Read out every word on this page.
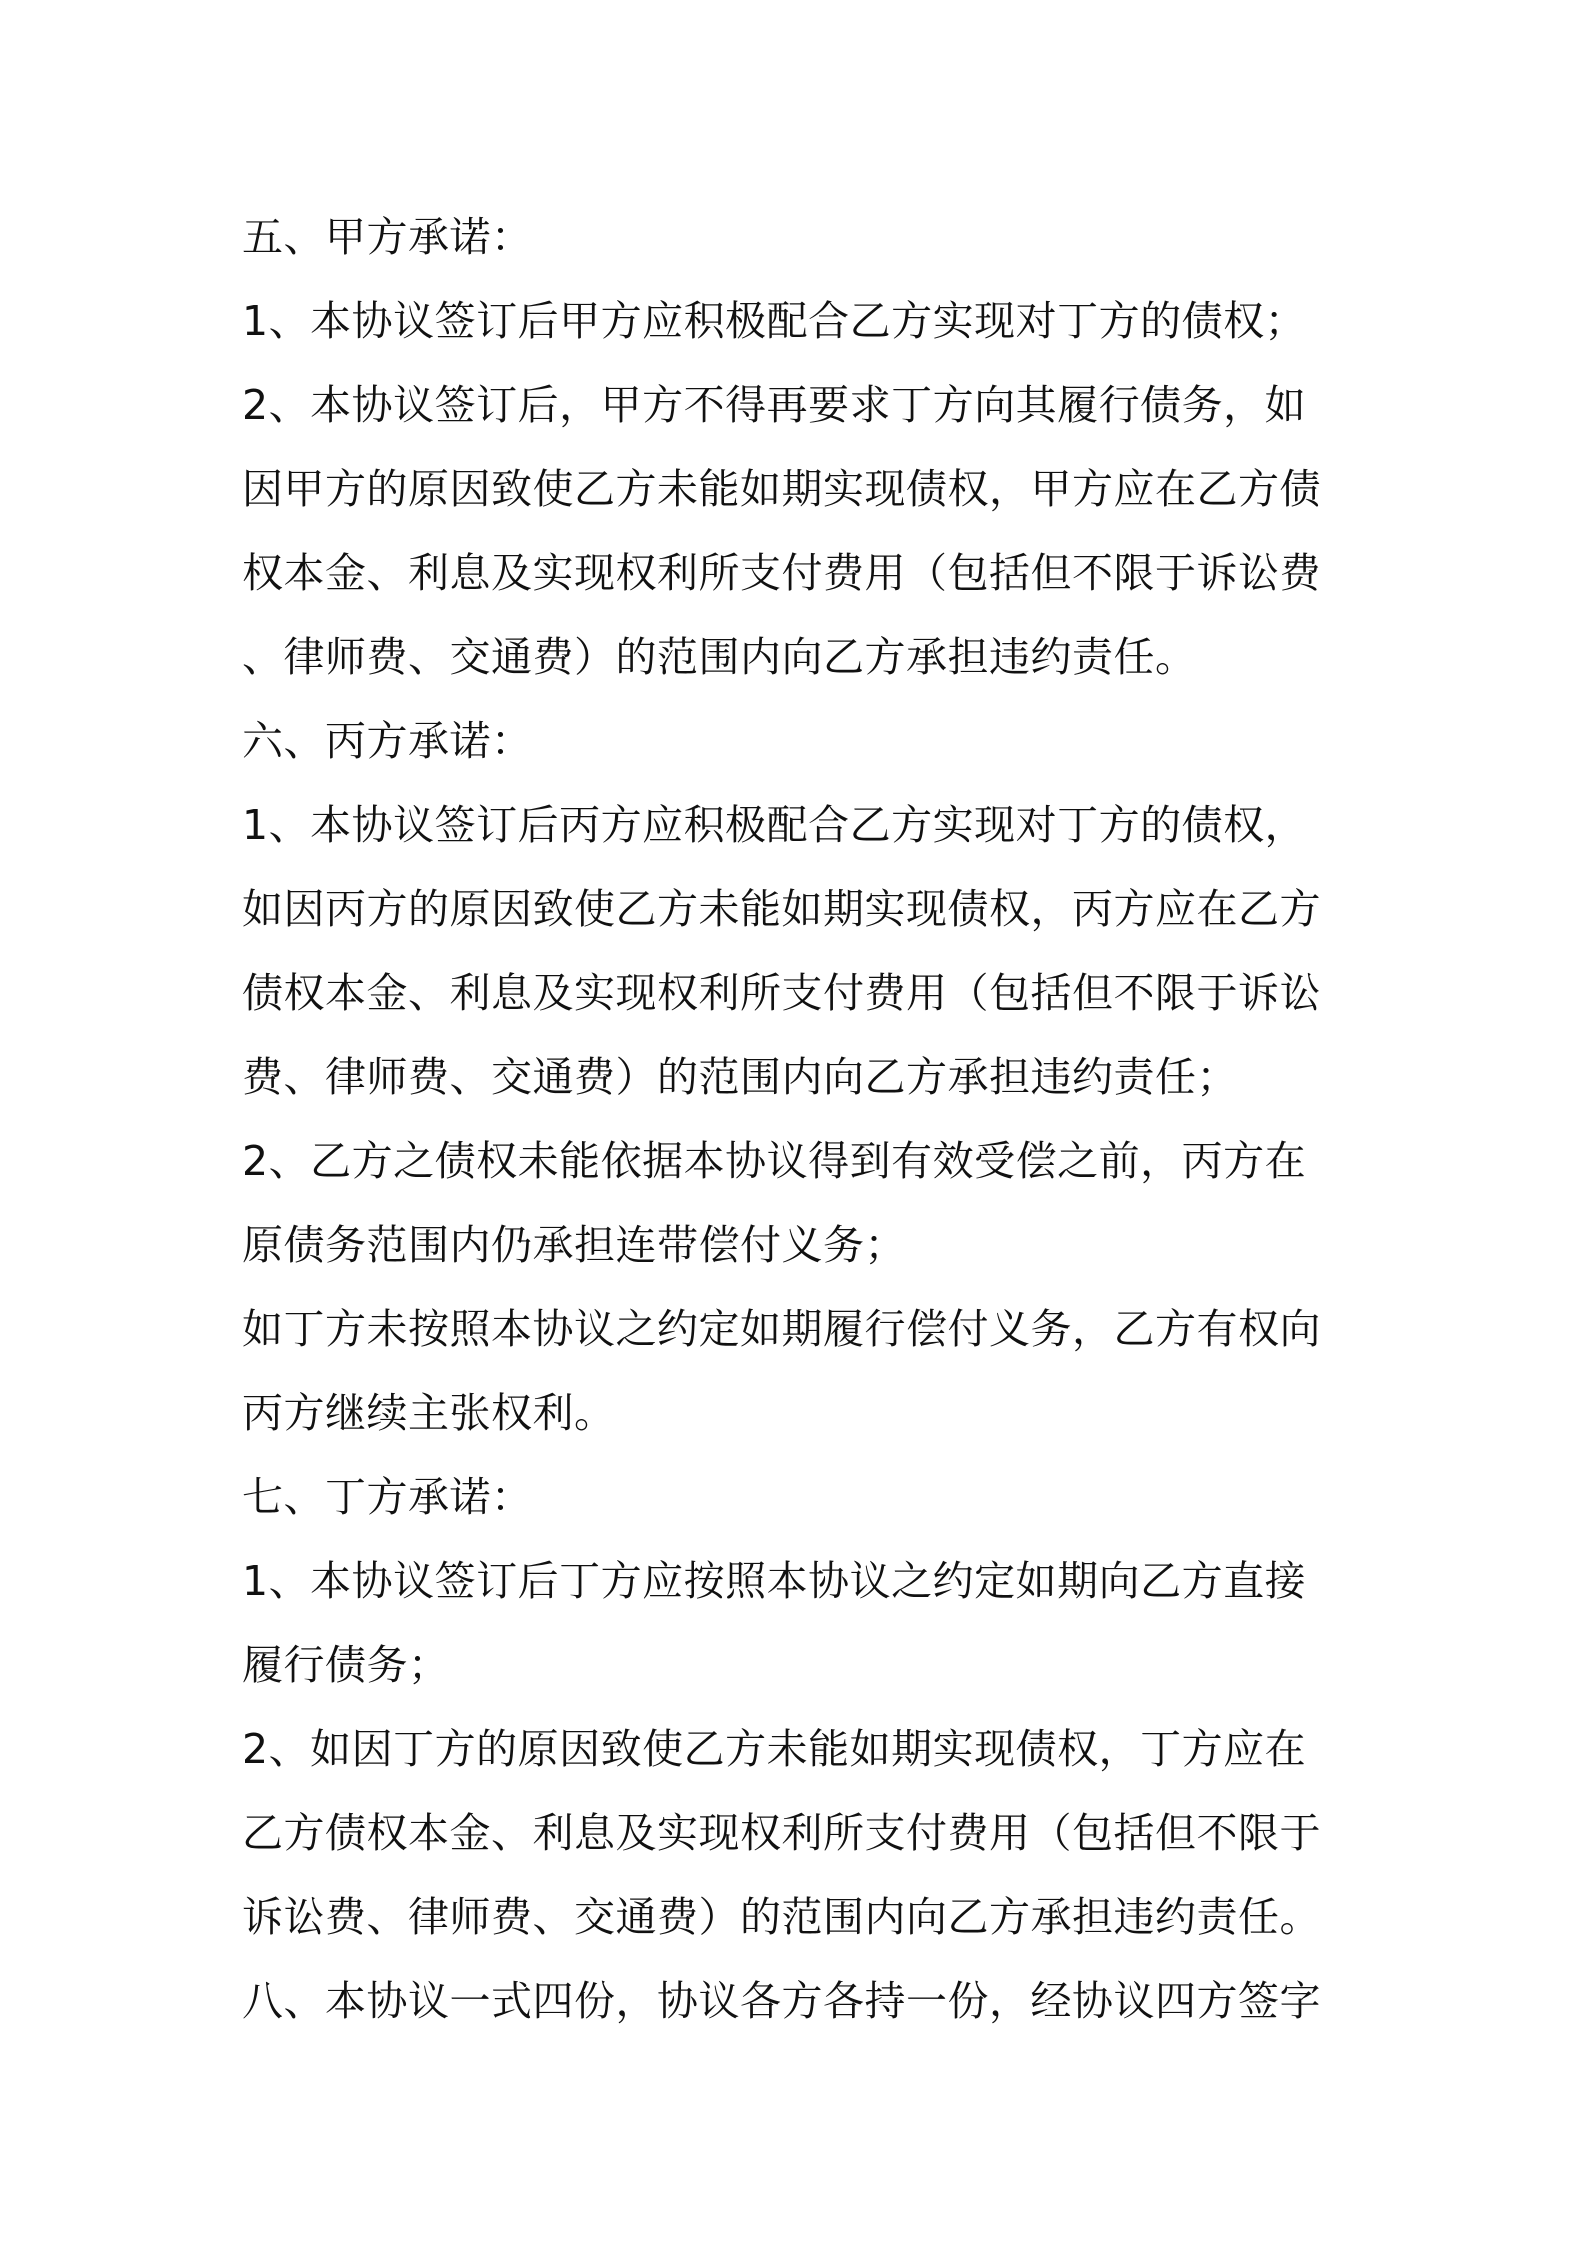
五、甲方承诺：
1、本协议签订后甲方应积极配合乙方实现对丁方的债权；
2、本协议签订后，甲方不得再要求丁方向其履行债务，如
因甲方的原因致使乙方未能如期实现债权，甲方应在乙方债
权本金、利息及实现权利所支付费用（包括但不限于诉讼费
、律师费、交通费）的范围内向乙方承担违约责任。
六、丙方承诺：
1、本协议签订后丙方应积极配合乙方实现对丁方的债权，
如因丙方的原因致使乙方未能如期实现债权，丙方应在乙方
债权本金、利息及实现权利所支付费用（包括但不限于诉讼
费、律师费、交通费）的范围内向乙方承担违约责任；
2、乙方之债权未能依据本协议得到有效受偿之前，丙方在
原债务范围内仍承担连带偿付义务；
如丁方未按照本协议之约定如期履行偿付义务，乙方有权向
丙方继续主张权利。
七、丁方承诺：
1、本协议签订后丁方应按照本协议之约定如期向乙方直接
履行债务；
2、如因丁方的原因致使乙方未能如期实现债权，丁方应在
乙方债权本金、利息及实现权利所支付费用（包括但不限于
诉讼费、律师费、交通费）的范围内向乙方承担违约责任。
八、本协议一式四份，协议各方各持一份，经协议四方签字
